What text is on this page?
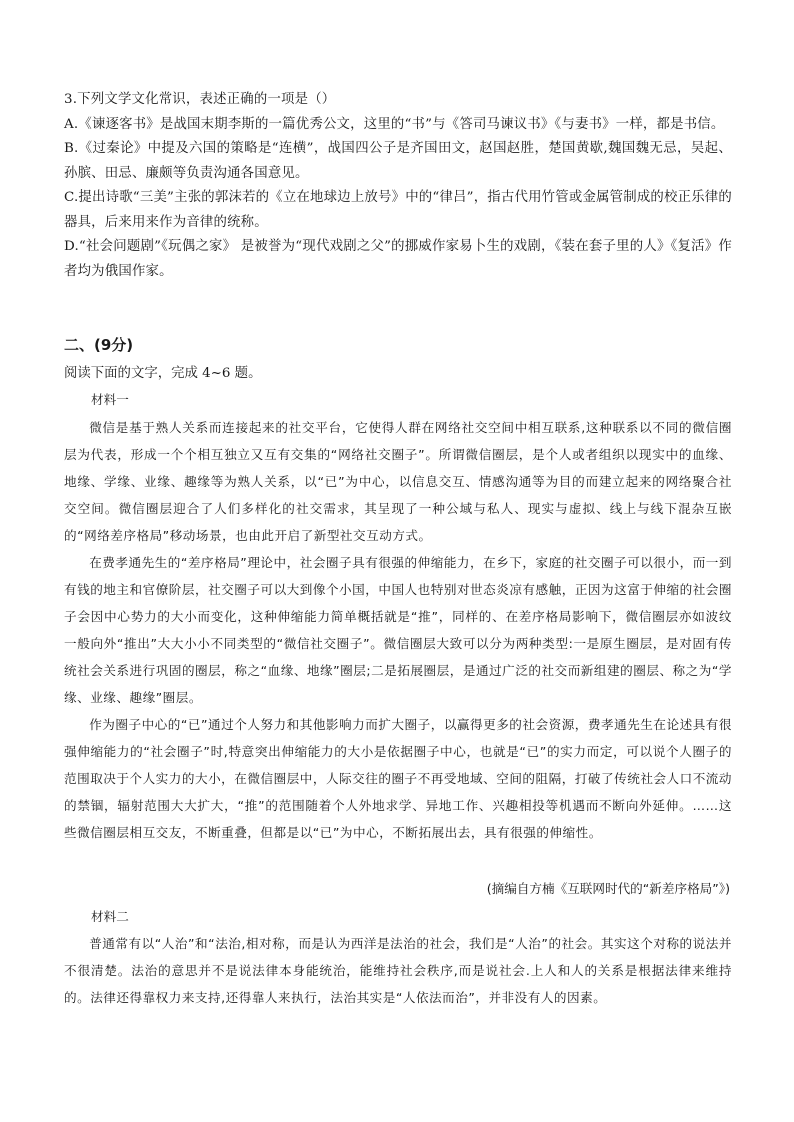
3.下列文学文化常识，表述正确的一项是（）

A.《谏逐客书》是战国末期李斯的一篇优秀公文，这里的“书”与《答司马谏议书》《与妻书》一样，都是书信。

B.《过秦论》中提及六国的策略是“连横”，战国四公子是齐国田文，赵国赵胜，楚国黄歇,魏国魏无忌，吴起、孙膑、田忌、廉颇等负责沟通各国意见。

C.提出诗歌“三美”主张的郭沫若的《立在地球边上放号》中的“律吕”，指古代用竹管或金属管制成的校正乐律的器具，后来用来作为音律的统称。

D.“社会问题剧”《玩偶之家》 是被誉为“现代戏剧之父”的挪威作家易卜生的戏剧，《装在套子里的人》《复活》作者均为俄国作家。

二、(9分)
阅读下面的文字，完成 4~6 题。
材料一

微信是基于熟人关系而连接起来的社交平台，它使得人群在网络社交空间中相互联系,这种联系以不同的微信圈层为代表，形成一个个相互独立又互有交集的“网络社交圈子”。所谓微信圈层，是个人或者组织以现实中的血缘、地缘、学缘、业缘、趣缘等为熟人关系，以“已”为中心，以信息交互、情感沟通等为目的而建立起来的网络聚合社交空间。微信圈层迎合了人们多样化的社交需求，其呈现了一种公域与私人、现实与虚拟、线上与线下混杂互嵌的“网络差序格局”移动场景，也由此开启了新型社交互动方式。

在费孝通先生的“差序格局”理论中，社会圈子具有很强的伸缩能力，在乡下，家庭的社交圈子可以很小，而一到有钱的地主和官僚阶层，社交圈子可以大到像个小国，中国人也特别对世态炎凉有感触，正因为这富于伸缩的社会圈子会因中心势力的大小而变化，这种伸缩能力简单概括就是“推”，同样的、在差序格局影响下，微信圈层亦如波纹一般向外“推出”大大小小不同类型的“微信社交圈子”。微信圈层大致可以分为两种类型:一是原生圈层，是对固有传统社会关系进行巩固的圈层，称之“血缘、地缘”圈层;二是拓展圈层，是通过广泛的社交而新组建的圈层、称之为“学缘、业缘、趣缘”圈层。

作为圈子中心的“已”通过个人努力和其他影响力而扩大圈子，以赢得更多的社会资源，费孝通先生在论述具有很强伸缩能力的“社会圈子”时,特意突出伸缩能力的大小是依据圈子中心，也就是“已”的实力而定，可以说个人圈子的范围取决于个人实力的大小，在微信圈层中，人际交往的圈子不再受地域、空间的阻隔，打破了传统社会人口不流动的禁锢，辐射范围大大扩大，“推”的范围随着个人外地求学、异地工作、兴趣相投等机遇而不断向外延伸。……这些微信圈层相互交友，不断重叠，但都是以“已”为中心，不断拓展出去，具有很强的伸缩性。

(摘编自方楠《互联网时代的“新差序格局”》)
材料二

普通常有以“人治”和“法治,相对称，而是认为西洋是法治的社会，我们是“人治”的社会。其实这个对称的说法并不很清楚。法治的意思并不是说法律本身能统治，能维持社会秩序,而是说社会.上人和人的关系是根据法律来维持的。法律还得靠权力来支持,还得靠人来执行，法治其实是“人依法而治”，并非没有人的因素。
